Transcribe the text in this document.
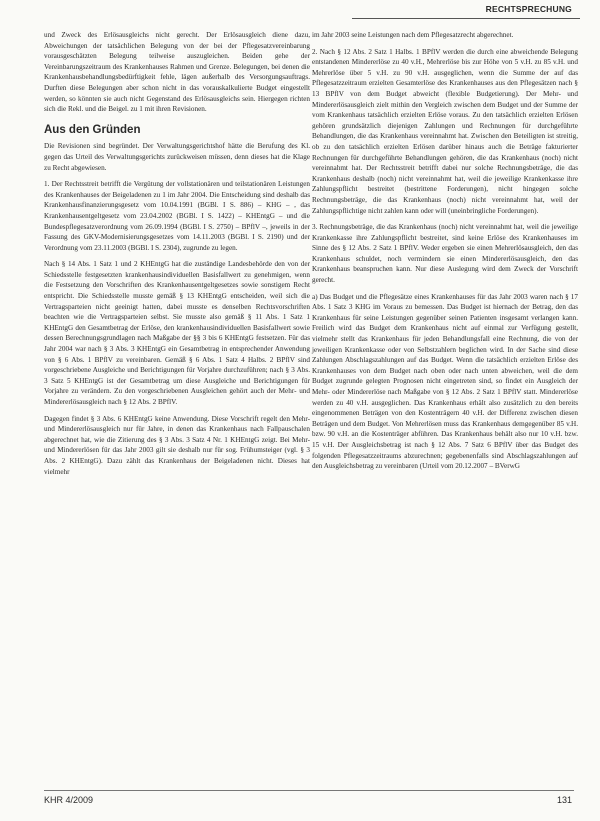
RECHTSPRECHUNG

und Zweck des Erlösausgleichs nicht gerecht. Der Erlösausgleich diene dazu, Abweichungen der tatsächlichen Belegung von der bei der Pflegesatzvereinbarung vorausgeschätzten Belegung teilweise auszugleichen. Beiden gehe der Vereinbarungszeitraum des Krankenhauses Rahmen und Grenze. Belegungen, bei denen die Krankenhausbehandlungsbedürftigkeit fehle, lägen außerhalb des Versorgungsauftrags. Durften diese Belegungen aber schon nicht in das vorauskalkulierte Budget eingestellt werden, so könnten sie auch nicht Gegenstand des Erlösausgleichs sein. Hiergegen richten sich die Rekl. und die Beigel. zu 1 mit ihren Revisionen.

Aus den Gründen

Die Revisionen sind begründet. Der Verwaltungsgerichtshof hätte die Berufung des Kl. gegen das Urteil des Verwaltungsgerichts zurückweisen müssen, denn dieses hat die Klage zu Recht abgewiesen.

1. Der Rechtsstreit betrifft die Vergütung der vollstationären und teilstationären Leistungen des Krankenhauses der Beigeladenen zu 1 im Jahr 2004. Die Entscheidung sind deshalb das Krankenhausfinanzierungsgesetz vom 10.04.1991 (BGBl. I S. 886) – KHG – , das Krankenhausentgeltgesetz vom 23.04.2002 (BGBl. I S. 1422) – KHEntgG – und die Bundespflegesatzverordnung vom 26.09.1994 (BGBl. I S. 2750) – BPflV –, jeweils in der Fassung des GKV-Modernisierungsgesetzes vom 14.11.2003 (BGBl. I S. 2190) und der Verordnung vom 23.11.2003 (BGBl. I S. 2304), zugrunde zu legen.

Nach § 14 Abs. 1 Satz 1 und 2 KHEntgG hat die zuständige Landesbehörde den von der Schiedsstelle festgesetzten krankenhausindividuellen Basisfallwert zu genehmigen, wenn die Festsetzung den Vorschriften des Krankenhausentgeltgesetzes sowie sonstigem Recht entspricht. Die Schiedsstelle musste gemäß § 13 KHEntgG entscheiden, weil sich die Vertragsparteien nicht geeinigt hatten, dabei musste es denselben Rechtsvorschriften beachten wie die Vertragsparteien selbst. Sie musste also gemäß § 11 Abs. 1 Satz 1 KHEntgG den Gesamtbetrag der Erlöse, den krankenhausindividuellen Basisfallwert sowie dessen Berechnungsgrundlagen nach Maßgabe der §§ 3 bis 6 KHEntgG festsetzen. Für das Jahr 2004 war nach § 3 Abs. 3 KHEntgG ein Gesamtbetrag in entsprechender Anwendung von § 6 Abs. 1 BPflV zu vereinbaren. Gemäß § 6 Abs. 1 Satz 4 Halbs. 2 BPflV sind vorgeschriebene Ausgleiche und Berichtigungen für Vorjahre durchzuführen; nach § 3 Abs. 3 Satz 5 KHEntgG ist der Gesamtbetrag um diese Ausgleiche und Berichtigungen für Vorjahre zu verändern. Zu den vorgeschriebenen Ausgleichen gehört auch der Mehr- und Mindererlösausgleich nach § 12 Abs. 2 BPflV.

Dagegen findet § 3 Abs. 6 KHEntgG keine Anwendung. Diese Vorschrift regelt den Mehr- und Mindererlösausgleich nur für Jahre, in denen das Krankenhaus nach Fallpauschalen abgerechnet hat, wie die Zitierung des § 3 Abs. 3 Satz 4 Nr. 1 KHEntgG zeigt. Bei Mehr- und Mindererlösen für das Jahr 2003 gilt sie deshalb nur für sog. Frühumsteiger (vgl. § 3 Abs. 2 KHEntgG). Dazu zählt das Krankenhaus der Beigeladenen nicht. Dieses hat vielmehr

im Jahr 2003 seine Leistungen nach dem Pflegesatzrecht abgerechnet.

2. Nach § 12 Abs. 2 Satz 1 Halbs. 1 BPflV werden die durch eine abweichende Belegung entstandenen Mindererlöse zu 40 v.H., Mehrerlöse bis zur Höhe von 5 v.H. zu 85 v.H. und Mehrerlöse über 5 v.H. zu 90 v.H. ausgeglichen, wenn die Summe der auf das Pflegesatzzeitraum erzielten Gesamterlöse des Krankenhauses aus den Pflegesätzen nach § 13 BPflV von dem Budget abweicht (flexible Budgetierung). Der Mehr- und Mindererlösausgleich zielt mithin den Vergleich zwischen dem Budget und der Summe der vom Krankenhaus tatsächlich erzielten Erlöse voraus. Zu den tatsächlich erzielten Erlösen gehören grundsätzlich diejenigen Zahlungen und Rechnungen für durchgeführte Behandlungen, die das Krankenhaus vereinnahmt hat. Zwischen den Beteiligten ist streitig, ob zu den tatsächlich erzielten Erlösen darüber hinaus auch die Beträge fakturierter Rechnungen für durchgeführte Behandlungen gehören, die das Krankenhaus (noch) nicht vereinnahmt hat. Der Rechtsstreit betrifft dabei nur solche Rechnungsbeträge, die das Krankenhaus deshalb (noch) nicht vereinnahmt hat, weil die jeweilige Krankenkasse ihre Zahlungspflicht bestreitet (bestrittene Forderungen), nicht hingegen solche Rechnungsbeträge, die das Krankenhaus (noch) nicht vereinnahmt hat, weil der Zahlungspflichtige nicht zahlen kann oder will (uneinbringliche Forderungen).

3. Rechnungsbeträge, die das Krankenhaus (noch) nicht vereinnahmt hat, weil die jeweilige Krankenkasse ihre Zahlungspflicht bestreitet, sind keine Erlöse des Krankenhauses im Sinne des § 12 Abs. 2 Satz 1 BPflV. Weder ergeben sie einen Mehrerlösausgleich, den das Krankenhaus schuldet, noch vermindern sie einen Mindererlösausgleich, den das Krankenhaus beanspruchen kann. Nur diese Auslegung wird dem Zweck der Vorschrift gerecht.

a) Das Budget und die Pflegesätze eines Krankenhauses für das Jahr 2003 waren nach § 17 Abs. 1 Satz 3 KHG im Voraus zu bemessen. Das Budget ist hiernach der Betrag, den das Krankenhaus für seine Leistungen gegenüber seinen Patienten insgesamt verlangen kann. Freilich wird das Budget dem Krankenhaus nicht auf einmal zur Verfügung gestellt, vielmehr stellt das Krankenhaus für jeden Behandlungsfall eine Rechnung, die von der jeweiligen Krankenkasse oder von Selbstzahlern beglichen wird. In der Sache sind diese Zahlungen Abschlagszahlungen auf das Budget. Wenn die tatsächlich erzielten Erlöse des Krankenhauses von dem Budget nach oben oder nach unten abweichen, weil die dem Budget zugrunde gelegten Prognosen nicht eingetreten sind, so findet ein Ausgleich der Mehr- oder Mindererlöse nach Maßgabe von § 12 Abs. 2 Satz 1 BPflV statt. Mindererlöse werden zu 40 v.H. ausgeglichen. Das Krankenhaus erhält also zusätzlich zu den bereits eingenommenen Beträgen von den Kostenträgern 40 v.H. der Differenz zwischen diesen Beträgen und dem Budget. Von Mehrerlösen muss das Krankenhaus demgegenüber 85 v.H. bzw. 90 v.H. an die Kostenträger abführen. Das Krankenhaus behält also nur 10 v.H. bzw. 15 v.H. Der Ausgleichsbetrag ist nach § 12 Abs. 7 Satz 6 BPflV über das Budget des folgenden Pflegesatzzeitraums abzurechnen; gegebenenfalls sind Abschlagszahlungen auf den Ausgleichsbetrag zu vereinbaren (Urteil vom 20.12.2007 – BVerwG

KHR 4/2009	131
